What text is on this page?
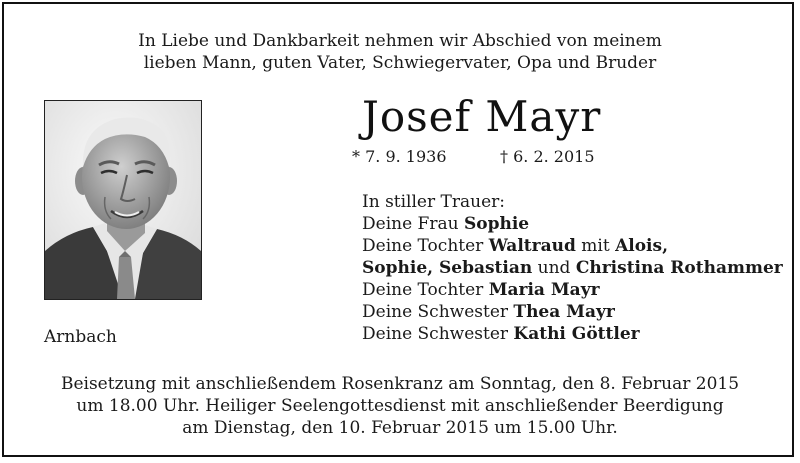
In Liebe und Dankbarkeit nehmen wir Abschied von meinem
lieben Mann, guten Vater, Schwiegervater, Opa und Bruder
Josef Mayr
* 7. 9. 1936	† 6. 2. 2015
Arnbach
In stiller Trauer:
Deine Frau Sophie
Deine Tochter Waltraud mit Alois,
Sophie, Sebastian und Christina Rothammer
Deine Tochter Maria Mayr
Deine Schwester Thea Mayr
Deine Schwester Kathi Göttler
Beisetzung mit anschließendem Rosenkranz am Sonntag, den 8. Februar 2015
um 18.00 Uhr. Heiliger Seelengottesdienst mit anschließender Beerdigung
am Dienstag, den 10. Februar 2015 um 15.00 Uhr.
